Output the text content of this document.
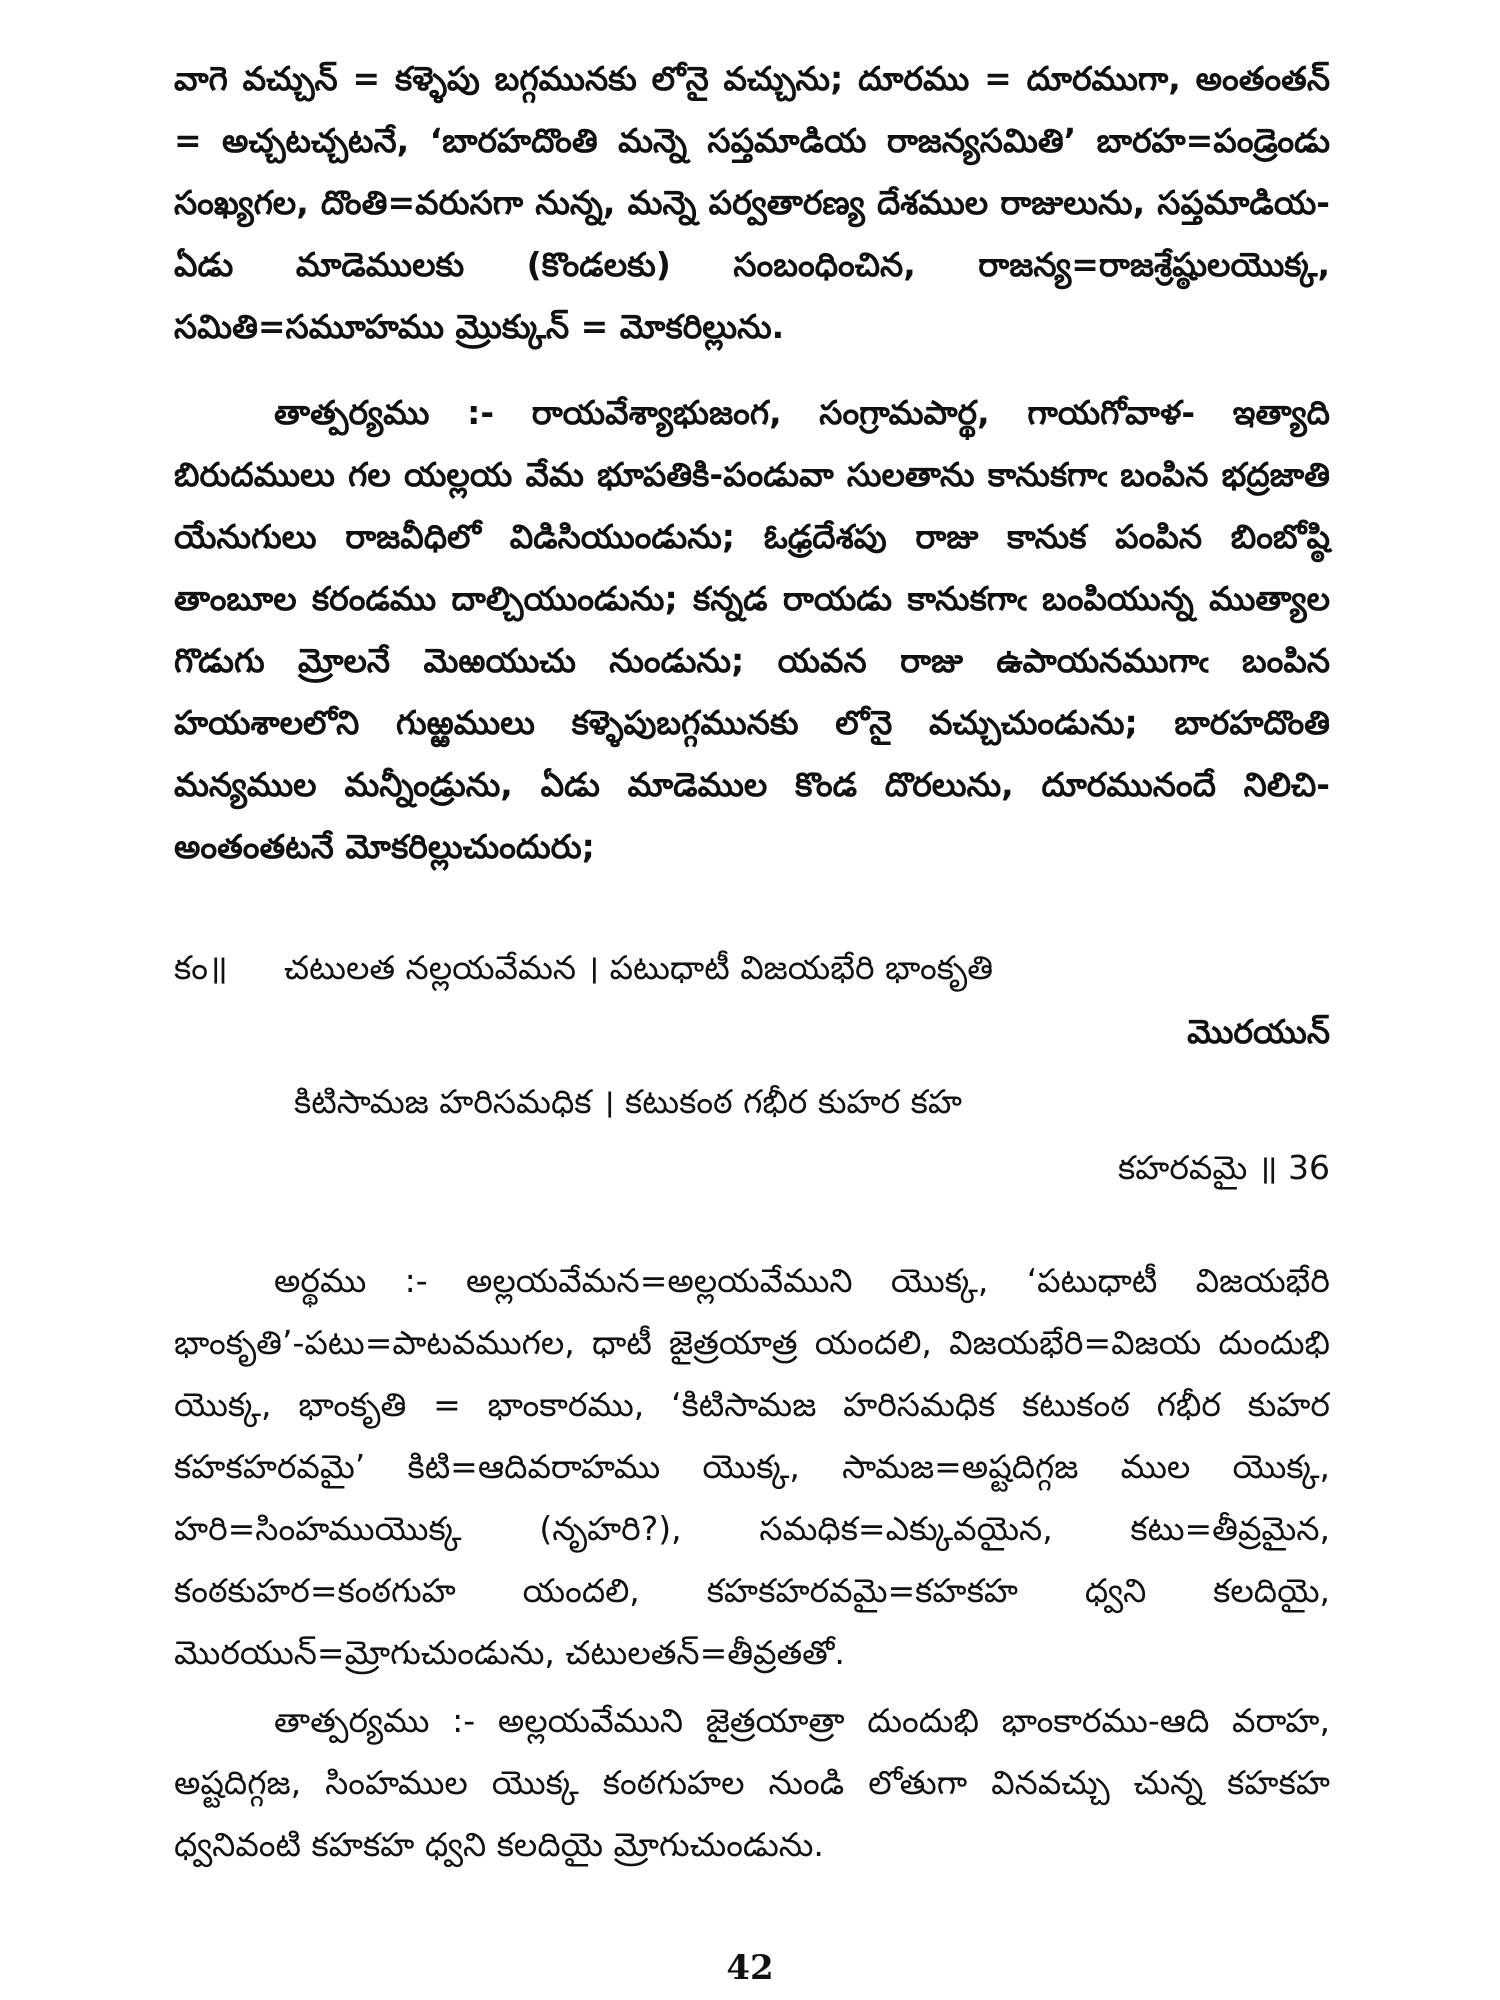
వాగె వచ్చున్ = కళ్ళెపు బగ్గమునకు లోనై వచ్చును; దూరము = దూరముగా, అంతంతన్ = అచ్చటచ్చటనే, ‘బారహదొంతి మన్నె సప్తమాడియ రాజన్యసమితి’ బారహ=పండ్రెండు సంఖ్యగల, దొంతి=వరుసగా నున్న, మన్నె పర్వతారణ్య దేశముల రాజులును, సప్తమాడియ-ఏడు మాడెములకు (కొండలకు) సంబంధించిన, రాజన్య=రాజశ్రేష్ఠులయొక్క, సమితి=సమూహము మ్రొక్కున్ = మోకరిల్లును.

తాత్పర్యము :- రాయవేశ్యాభుజంగ, సంగ్రామపార్థ, గాయగోవాళ- ఇత్యాది బిరుదములు గల యల్లయ వేమ భూపతికి-పండువా సులతాను కానుకగాఁ బంపిన భద్రజాతి యేనుగులు రాజవీధిలో విడిసియుండును; ఓఢ్రదేశపు రాజు కానుక పంపిన బింబోష్ఠి తాంబూల కరండము దాల్చియుండును; కన్నడ రాయడు కానుకగాఁ బంపియున్న ముత్యాల గొడుగు మ్రోలనే మెఱయుచు నుండును; యవన రాజు ఉపాయనముగాఁ బంపిన హయశాలలోని గుఱ్ఱములు కళ్ళెపుబగ్గమునకు లోనై వచ్చుచుండును; బారహదొంతి మన్యముల మన్నీండ్రును, ఏడు మాడెముల కొండ దొరలును, దూరమునందే నిలిచి-అంతంతటనే మోకరిల్లుచుందురు;

కం॥ చటులత నల్లయవేమన । పటుధాటీ విజయభేరి భాంకృతి
మొరయున్
కిటిసామజ హరిసమధిక । కటుకంఠ గభీర కుహర కహ
కహరవమై ॥ 36

అర్థము :- అల్లయవేమన=అల్లయవేముని యొక్క, ‘పటుధాటీ విజయభేరి భాంకృతి’-పటు=పాటవముగల, ధాటీ జైత్రయాత్ర యందలి, విజయభేరి=విజయ దుందుభి యొక్క, భాంకృతి = భాంకారము, ‘కిటిసామజ హరిసమధిక కటుకంఠ గభీర కుహర కహకహరవమై’ కిటి=ఆదివరాహము యొక్క, సామజ=అష్టదిగ్గజ ముల యొక్క, హరి=సింహముయొక్క (నృహరి?), సమధిక=ఎక్కువయైన, కటు=తీవ్రమైన, కంఠకుహర=కంఠగుహ యందలి, కహకహరవమై=కహకహ ధ్వని కలదియై, మొరయున్=మ్రోగుచుండును, చటులతన్=తీవ్రతతో.

తాత్పర్యము :- అల్లయవేముని జైత్రయాత్రా దుందుభి భాంకారము-ఆది వరాహ, అష్టదిగ్గజ, సింహముల యొక్క కంఠగుహల నుండి లోతుగా వినవచ్చు చున్న కహకహ ధ్వనివంటి కహకహ ధ్వని కలదియై మ్రోగుచుండును.

42
